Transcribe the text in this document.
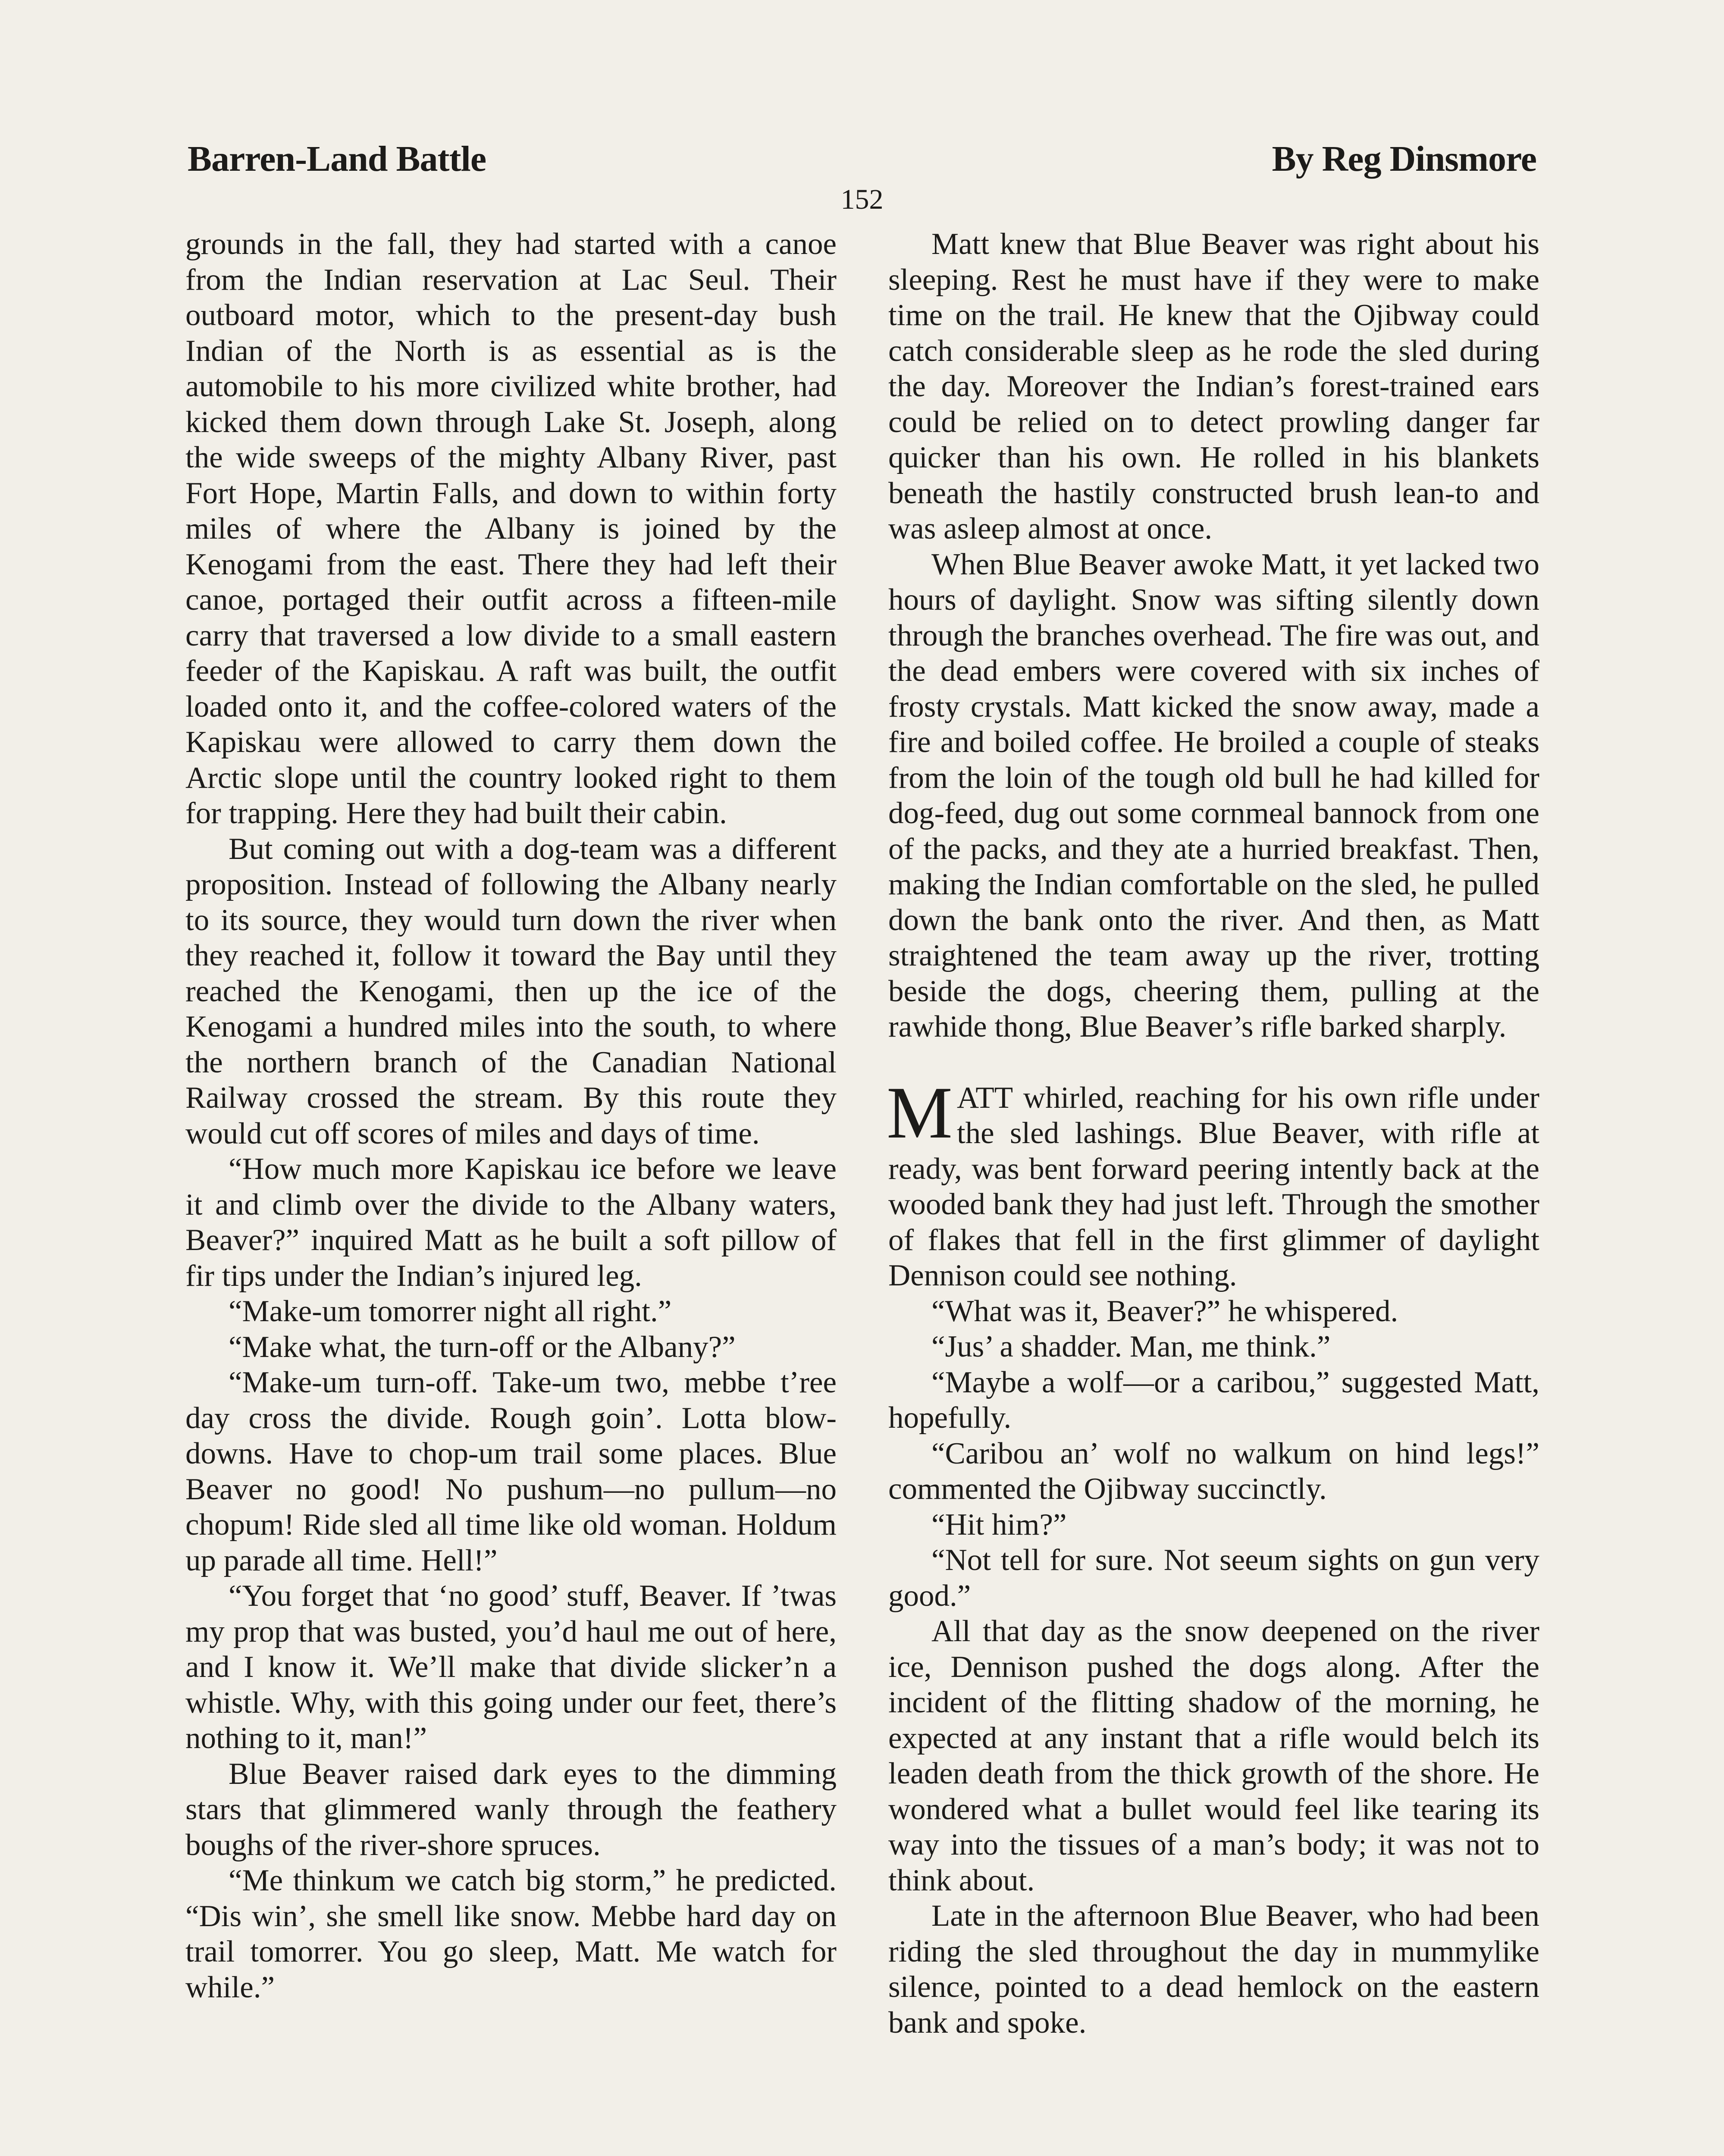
Barren-Land Battle	By Reg Dinsmore
152

grounds in the fall, they had started with a canoe from the Indian reservation at Lac Seul. Their outboard motor, which to the present-day bush Indian of the North is as essential as is the automobile to his more civilized white brother, had kicked them down through Lake St. Joseph, along the wide sweeps of the mighty Albany River, past Fort Hope, Martin Falls, and down to within forty miles of where the Albany is joined by the Kenogami from the east. There they had left their canoe, portaged their outfit across a fifteen-mile carry that traversed a low divide to a small eastern feeder of the Kapiskau. A raft was built, the outfit loaded onto it, and the coffee-colored waters of the Kapiskau were allowed to carry them down the Arctic slope until the country looked right to them for trapping. Here they had built their cabin.

But coming out with a dog-team was a different proposition. Instead of following the Albany nearly to its source, they would turn down the river when they reached it, follow it toward the Bay until they reached the Kenogami, then up the ice of the Kenogami a hundred miles into the south, to where the northern branch of the Canadian National Railway crossed the stream. By this route they would cut off scores of miles and days of time.

“How much more Kapiskau ice before we leave it and climb over the divide to the Albany waters, Beaver?” inquired Matt as he built a soft pillow of fir tips under the Indian’s injured leg.

“Make-um tomorrer night all right.”

“Make what, the turn-off or the Albany?”

“Make-um turn-off. Take-um two, mebbe t’ree day cross the divide. Rough goin’. Lotta blow-downs. Have to chop-um trail some places. Blue Beaver no good! No pushum—no pullum—no chopum! Ride sled all time like old woman. Holdum up parade all time. Hell!”

“You forget that ‘no good’ stuff, Beaver. If ’twas my prop that was busted, you’d haul me out of here, and I know it. We’ll make that divide slicker’n a whistle. Why, with this going under our feet, there’s nothing to it, man!”

Blue Beaver raised dark eyes to the dimming stars that glimmered wanly through the feathery boughs of the river-shore spruces.

“Me thinkum we catch big storm,” he predicted. “Dis win’, she smell like snow. Mebbe hard day on trail tomorrer. You go sleep, Matt. Me watch for while.”

Matt knew that Blue Beaver was right about his sleeping. Rest he must have if they were to make time on the trail. He knew that the Ojibway could catch considerable sleep as he rode the sled during the day. Moreover the Indian’s forest-trained ears could be relied on to detect prowling danger far quicker than his own. He rolled in his blankets beneath the hastily constructed brush lean-to and was asleep almost at once.

When Blue Beaver awoke Matt, it yet lacked two hours of daylight. Snow was sifting silently down through the branches overhead. The fire was out, and the dead embers were covered with six inches of frosty crystals. Matt kicked the snow away, made a fire and boiled coffee. He broiled a couple of steaks from the loin of the tough old bull he had killed for dog-feed, dug out some cornmeal bannock from one of the packs, and they ate a hurried breakfast. Then, making the Indian comfortable on the sled, he pulled down the bank onto the river. And then, as Matt straightened the team away up the river, trotting beside the dogs, cheering them, pulling at the rawhide thong, Blue Beaver’s rifle barked sharply.

MATT whirled, reaching for his own rifle under the sled lashings. Blue Beaver, with rifle at ready, was bent forward peering intently back at the wooded bank they had just left. Through the smother of flakes that fell in the first glimmer of daylight Dennison could see nothing.

“What was it, Beaver?” he whispered.

“Jus’ a shadder. Man, me think.”

“Maybe a wolf—or a caribou,” suggested Matt, hopefully.

“Caribou an’ wolf no walkum on hind legs!” commented the Ojibway succinctly.

“Hit him?”

“Not tell for sure. Not seeum sights on gun very good.”

All that day as the snow deepened on the river ice, Dennison pushed the dogs along. After the incident of the flitting shadow of the morning, he expected at any instant that a rifle would belch its leaden death from the thick growth of the shore. He wondered what a bullet would feel like tearing its way into the tissues of a man’s body; it was not to think about.

Late in the afternoon Blue Beaver, who had been riding the sled throughout the day in mummylike silence, pointed to a dead hemlock on the eastern bank and spoke.
